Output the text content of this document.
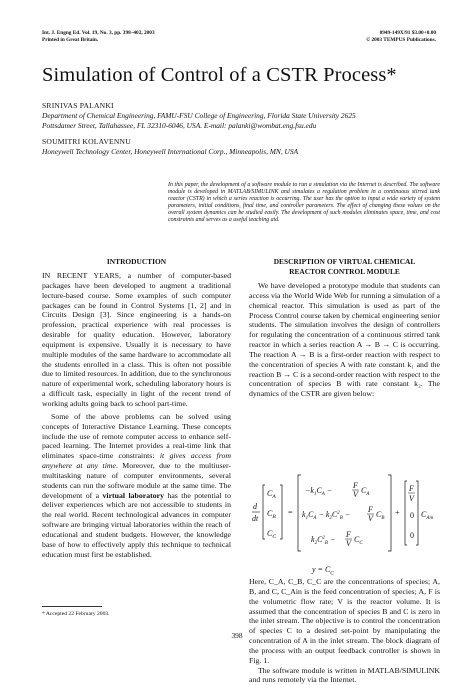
Int. J. Engng Ed. Vol. 19, No. 3, pp. 398–402, 2003
Printed in Great Britain.
0949-149X/91 $3.00+0.00
© 2003 TEMPUS Publications.
Simulation of Control of a CSTR Process*
SRINIVAS PALANKI
Department of Chemical Engineering, FAMU-FSU College of Engineering, Florida State University 2625
Pottsdamer Street, Tallahassee, FL 32310-6046, USA. E-mail: palanki@wombat.eng.fsu.edu
SOUMITRI KOLAVENNU
Honeywell Technology Center, Honeywell International Corp., Minneapolis, MN, USA
In this paper, the development of a software module to run a simulation via the Internet is described. The software module is developed in MATLAB/SIMULINK and simulates a regulation problem in a continuous stirred tank reactor (CSTR) in which a series reaction is occurring. The user has the option to input a wide variety of system parameters, initial conditions, final time, and controller parameters. The effect of changing these values on the overall system dynamics can be studied easily. The development of such modules eliminates space, time, and cost constraints and serves as a useful teaching aid.
INTRODUCTION

IN RECENT YEARS, a number of computer-based packages have been developed to augment a traditional lecture-based course. Some examples of such computer packages can be found in Control Systems [1, 2] and in Circuits Design [3]. Since engineering is a hands-on profession, practical experience with real processes is desirable for quality education. However, laboratory equipment is expensive. Usually it is necessary to have multiple modules of the same hardware to accommodate all the students enrolled in a class. This is often not possible due to limited resources. In addition, due to the synchronous nature of experimental work, scheduling laboratory hours is a difficult task, especially in light of the recent trend of working adults going back to school part-time.

Some of the above problems can be solved using concepts of Interactive Distance Learning. These concepts include the use of remote computer access to enhance self-paced learning. The Internet provides a real-time link that eliminates space-time constraints: it gives access from anywhere at any time. Moreover, due to the multiuser-multitasking nature of computer environments, several students can run the software module at the same time. The development of a virtual laboratory has the potential to deliver experiences which are not accessible to students in the real world. Recent technological advances in computer software are bringing virtual laboratories within the reach of educational and student budgets. However, the knowledge base of how to effectively apply this technique to technical education must first be established.

DESCRIPTION OF VIRTUAL CHEMICAL
REACTOR CONTROL MODULE

We have developed a prototype module that students can access via the World Wide Web for running a simulation of a chemical reactor. This simulation is used as part of the Process Control course taken by chemical engineering senior students. The simulation involves the design of controllers for regulating the concentration of a continuous stirred tank reactor in which a series reaction A → B → C is occurring. The reaction A → B is a first-order reaction with respect to the concentration of species A with rate constant k₁ and the reaction B → C is a second-order reaction with respect to the concentration of species B with rate constant k₂. The dynamics of the CSTR are given below:

d
dt
$C_A$
$C_B$
$C_C$
=
$-k_1C_A$ −
F
V $C_A$
$k_1C_A - k_2C^2_B$ −
F
V $C_B$
$k_2C^2_B$ −
F
V $C_C$
+
F
V
0
0
$C_{Ain}$
$y = C_C$

Here, C_A, C_B, C_C are the concentrations of species; A, B, and C, C_Ain is the feed concentration of species; A, F is the volumetric flow rate; V is the reactor volume. It is assumed that the concentration of species B and C is zero in the inlet stream. The objective is to control the concentration of species C to a desired set-point by manipulating the concentration of A in the inlet stream. The block diagram of the process with an output feedback controller is shown in Fig. 1.

The software module is written in MATLAB/SIMULINK and runs remotely via the Internet.

* Accepted 22 February 2003.
398
